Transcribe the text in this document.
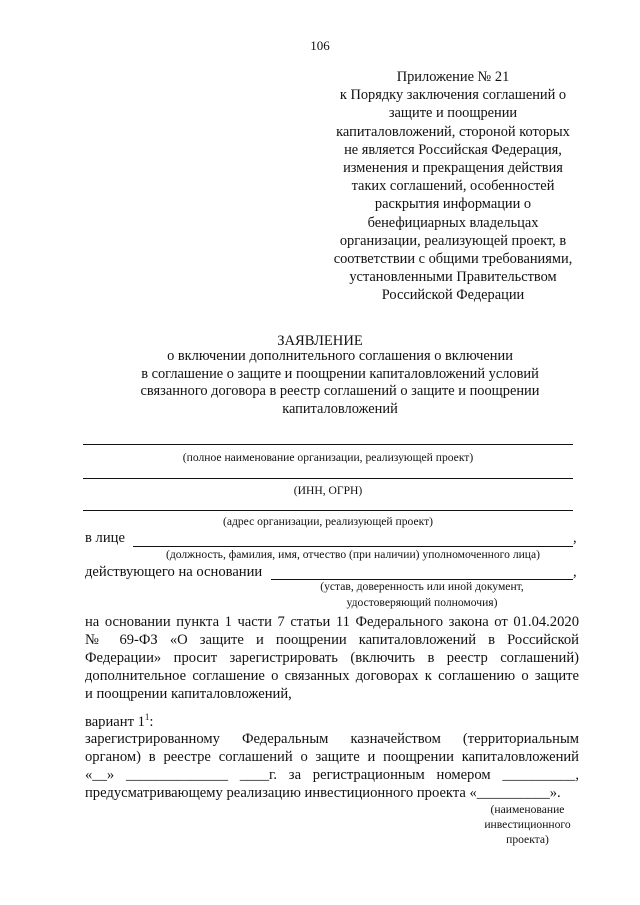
106
Приложение № 21
к Порядку заключения соглашений о
защите и поощрении
капиталовложений, стороной которых
не является Российская Федерация,
изменения и прекращения действия
таких соглашений, особенностей
раскрытия информации о
бенефициарных владельцах
организации, реализующей проект, в
соответствии с общими требованиями,
установленными Правительством
Российской Федерации
ЗАЯВЛЕНИЕ
о включении дополнительного соглашения о включении
в соглашение о защите и поощрении капиталовложений условий
связанного договора в реестр соглашений о защите и поощрении
капиталовложений
(полное наименование организации, реализующей проект)
(ИНН, ОГРН)
(адрес организации, реализующей проект)
в лице	,
(должность, фамилия, имя, отчество (при наличии) уполномоченного лица)
действующего на основании	,
(устав, доверенность или иной документ,
удостоверяющий полномочия)
на основании пункта 1 части 7 статьи 11 Федерального закона от 01.04.2020
№ 69-ФЗ «О защите и поощрении капиталовложений в Российской
Федерации» просит зарегистрировать (включить в реестр соглашений)
дополнительное соглашение о связанных договорах к соглашению о защите
и поощрении капиталовложений,
вариант $1^1$:
зарегистрированному Федеральным казначейством (территориальным
органом) в реестре соглашений о защите и поощрении капиталовложений
«__» ______________ ____г. за регистрационным номером __________,
предусматривающему реализацию инвестиционного проекта «__________».
(наименование
инвестиционного
проекта)
